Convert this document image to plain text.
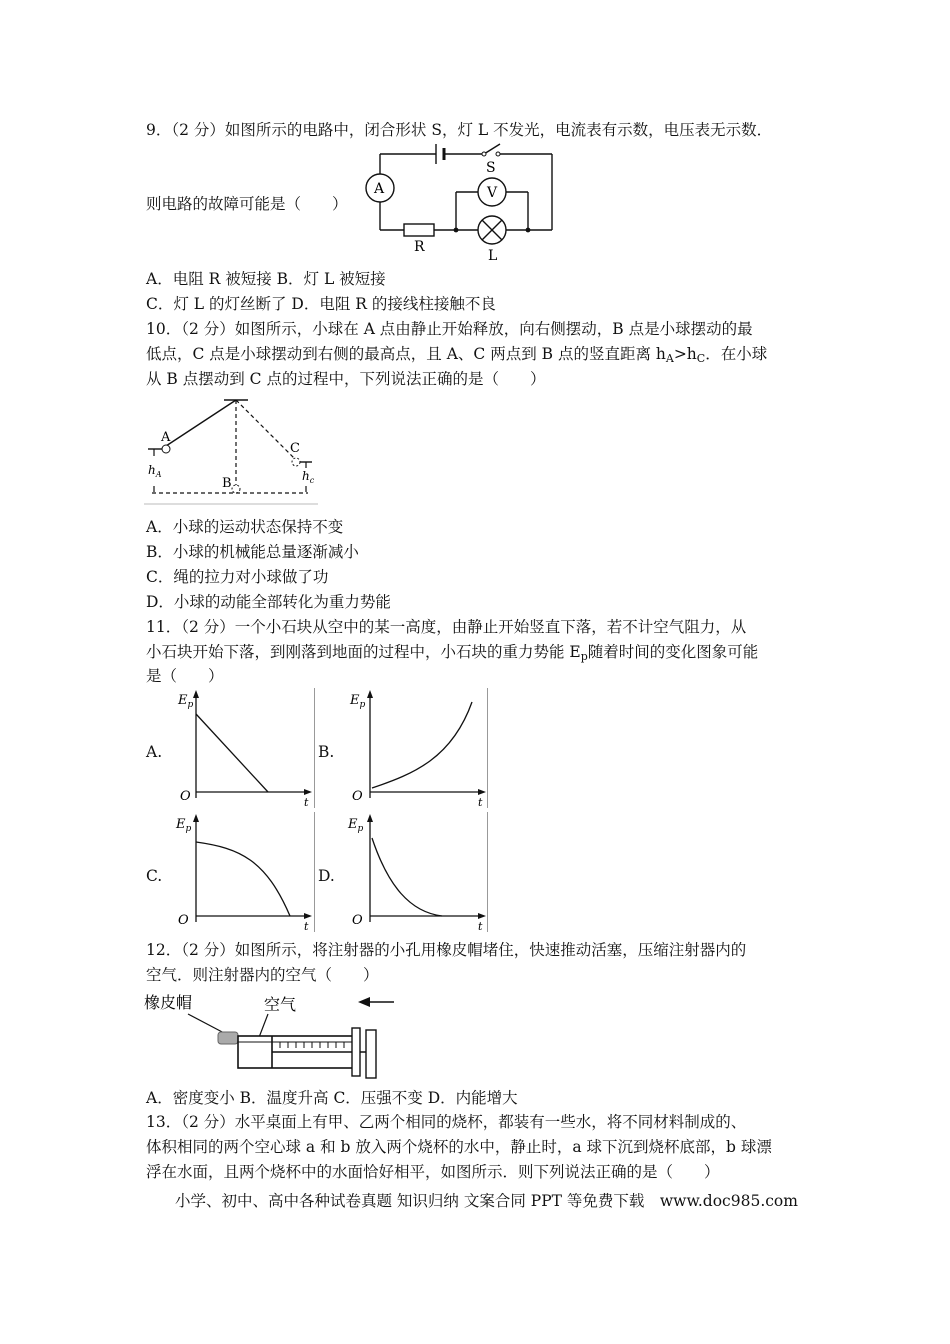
9．（2 分）如图所示的电路中，闭合形状 S，灯 L 不发光，电流表有示数，电压表无示数．
A	V
S
R
L
则电路的故障可能是（　　）
A．电阻 R 被短接 B．灯 L 被短接
C．灯 L 的灯丝断了 D．电阻 R 的接线柱接触不良
10．（2 分）如图所示，小球在 A 点由静止开始释放，向右侧摆动，B 点是小球摆动的最
低点，C 点是小球摆动到右侧的最高点，且 A、C 两点到 B 点的竖直距离 $h_A>h_C$．在小球
从 B 点摆动到 C 点的过程中，下列说法正确的是（　　）
A
B
C
$h_A$	$h_c$
A．小球的运动状态保持不变
B．小球的机械能总量逐渐减小
C．绳的拉力对小球做了功
D．小球的动能全部转化为重力势能
11．（2 分）一个小石块从空中的某一高度，由静止开始竖直下落，若不计空气阻力，从
小石块开始下落，到刚落到地面的过程中，小石块的重力势能 $E_p$随着时间的变化图象可能
是（　　）
A.	B.
C.	D.
$E_p$
O	t
$E_p$
O	t
$E_p$
O	t
$E_p$
O	t
12．（2 分）如图所示，将注射器的小孔用橡皮帽堵住，快速推动活塞，压缩注射器内的
空气．则注射器内的空气（　　）
橡皮帽	空气
A．密度变小 B．温度升高 C．压强不变 D．内能增大
13．（2 分）水平桌面上有甲、乙两个相同的烧杯，都装有一些水，将不同材料制成的、
体积相同的两个空心球 a 和 b 放入两个烧杯的水中，静止时，a 球下沉到烧杯底部，b 球漂
浮在水面，且两个烧杯中的水面恰好相平，如图所示．则下列说法正确的是（　　）
小学、初中、高中各种试卷真题 知识归纳 文案合同 PPT 等免费下载　www.doc985.com
